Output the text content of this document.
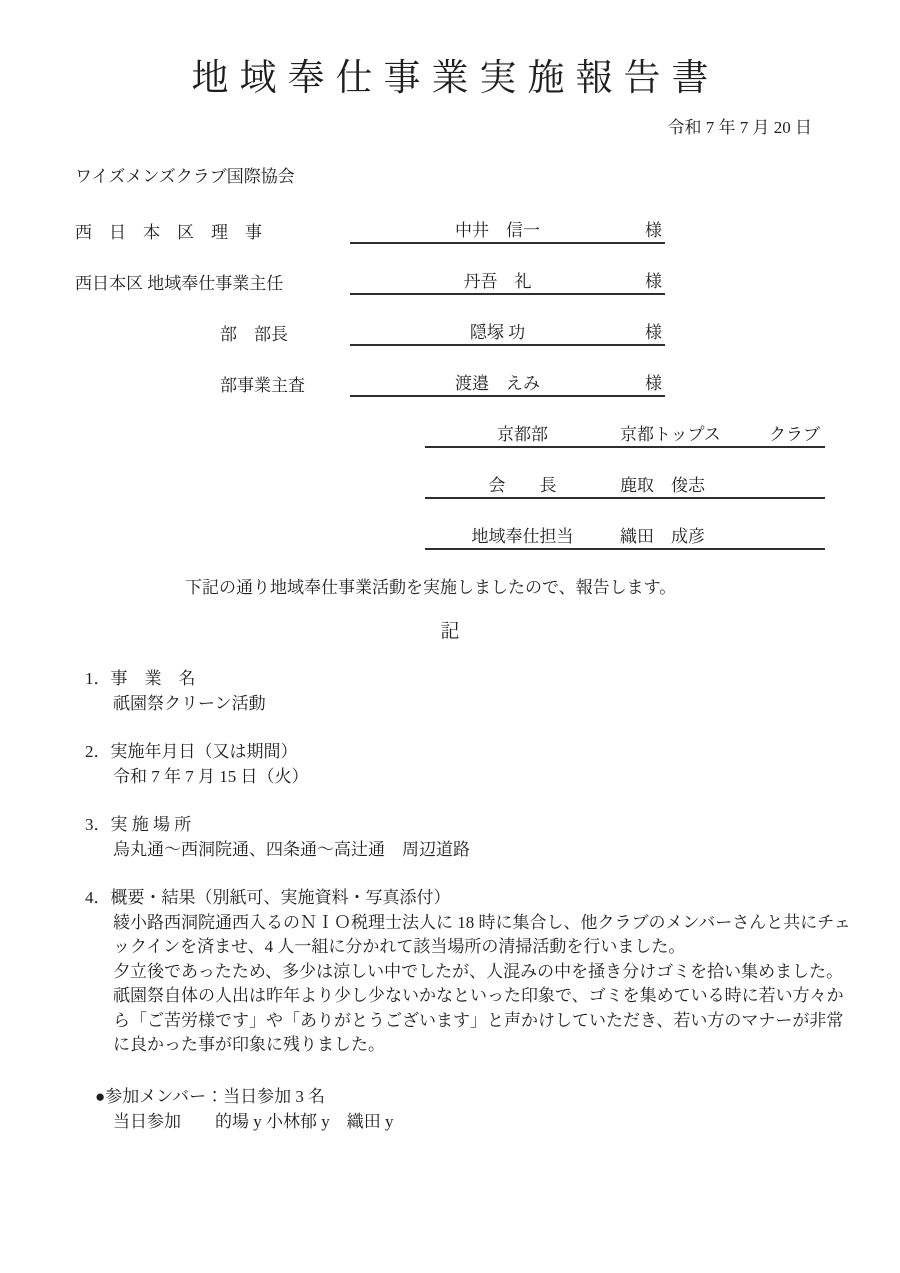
地域奉仕事業実施報告書
令和 7 年 7 月 20 日
ワイズメンズクラブ国際協会
西　日　本　区　理　事	中井　信一	様
西日本区 地域奉仕事業主任	丹吾　礼	様
部　部長	隠塚 功	様
部事業主査	渡邉　えみ	様
京都部	京都トップス	クラブ
会　　長	鹿取　俊志
地域奉仕担当	織田　成彦

下記の通り地域奉仕事業活動を実施しましたので、報告します。

記
1．事　業　名

祇園祭クリーン活動

2．実施年月日（又は期間）

令和 7 年 7 月 15 日（火）

3．実 施 場 所

烏丸通～西洞院通、四条通～高辻通　周辺道路

4．概要・結果（別紙可、実施資料・写真添付）

綾小路西洞院通西入るのＮＩＯ税理士法人に 18 時に集合し、他クラブのメンバーさんと共にチェックインを済ませ、4 人一組に分かれて該当場所の清掃活動を行いました。

夕立後であったため、多少は涼しい中でしたが、人混みの中を掻き分けゴミを拾い集めました。

祇園祭自体の人出は昨年より少し少ないかなといった印象で、ゴミを集めている時に若い方々から「ご苦労様です」や「ありがとうございます」と声かけしていただき、若い方のマナーが非常に良かった事が印象に残りました。

●参加メンバー：当日参加 3 名
当日参加　　的場 y 小林郁 y　織田 y
